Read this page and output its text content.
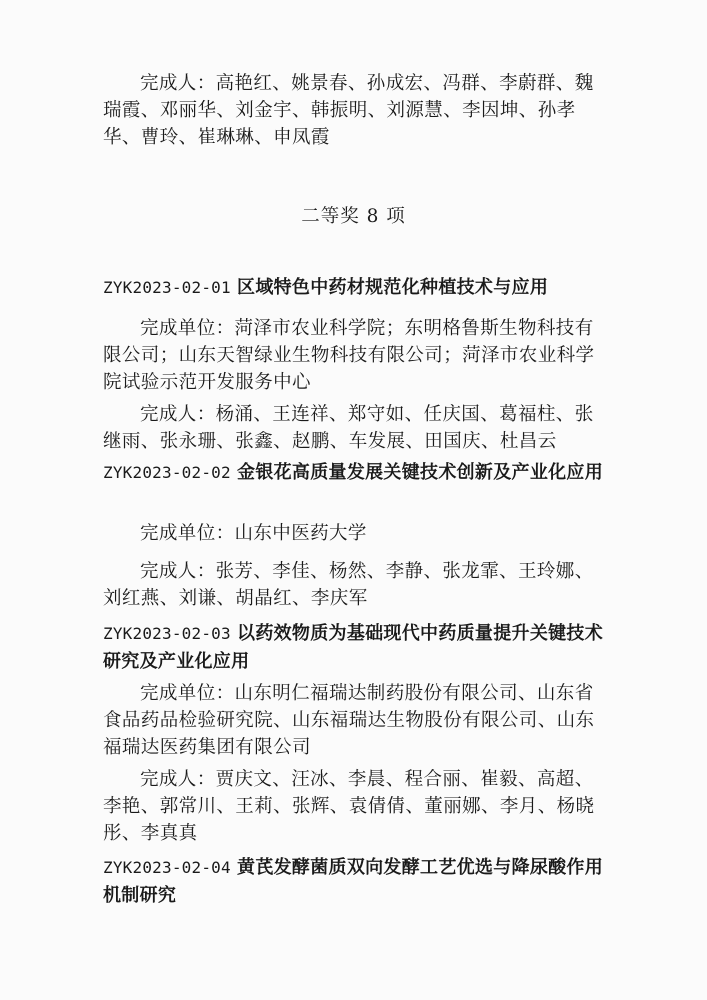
完成人：高艳红、姚景春、孙成宏、冯群、李蔚群、魏瑞霞、邓丽华、刘金宇、韩振明、刘源慧、李因坤、孙孝华、曹玲、崔琳琳、申凤霞
二等奖 8 项
ZYK2023-02-01 区域特色中药材规范化种植技术与应用
完成单位：菏泽市农业科学院；东明格鲁斯生物科技有限公司；山东天智绿业生物科技有限公司；菏泽市农业科学院试验示范开发服务中心
完成人：杨涌、王连祥、郑守如、任庆国、葛福柱、张继雨、张永珊、张鑫、赵鹏、车发展、田国庆、杜昌云
ZYK2023-02-02 金银花高质量发展关键技术创新及产业化应用
完成单位：山东中医药大学
完成人：张芳、李佳、杨然、李静、张龙霏、王玲娜、刘红燕、刘谦、胡晶红、李庆军
ZYK2023-02-03 以药效物质为基础现代中药质量提升关键技术研究及产业化应用
完成单位：山东明仁福瑞达制药股份有限公司、山东省食品药品检验研究院、山东福瑞达生物股份有限公司、山东福瑞达医药集团有限公司
完成人：贾庆文、汪冰、李晨、程合丽、崔毅、高超、李艳、郭常川、王莉、张辉、袁倩倩、董丽娜、李月、杨晓彤、李真真
ZYK2023-02-04 黄芪发酵菌质双向发酵工艺优选与降尿酸作用机制研究
